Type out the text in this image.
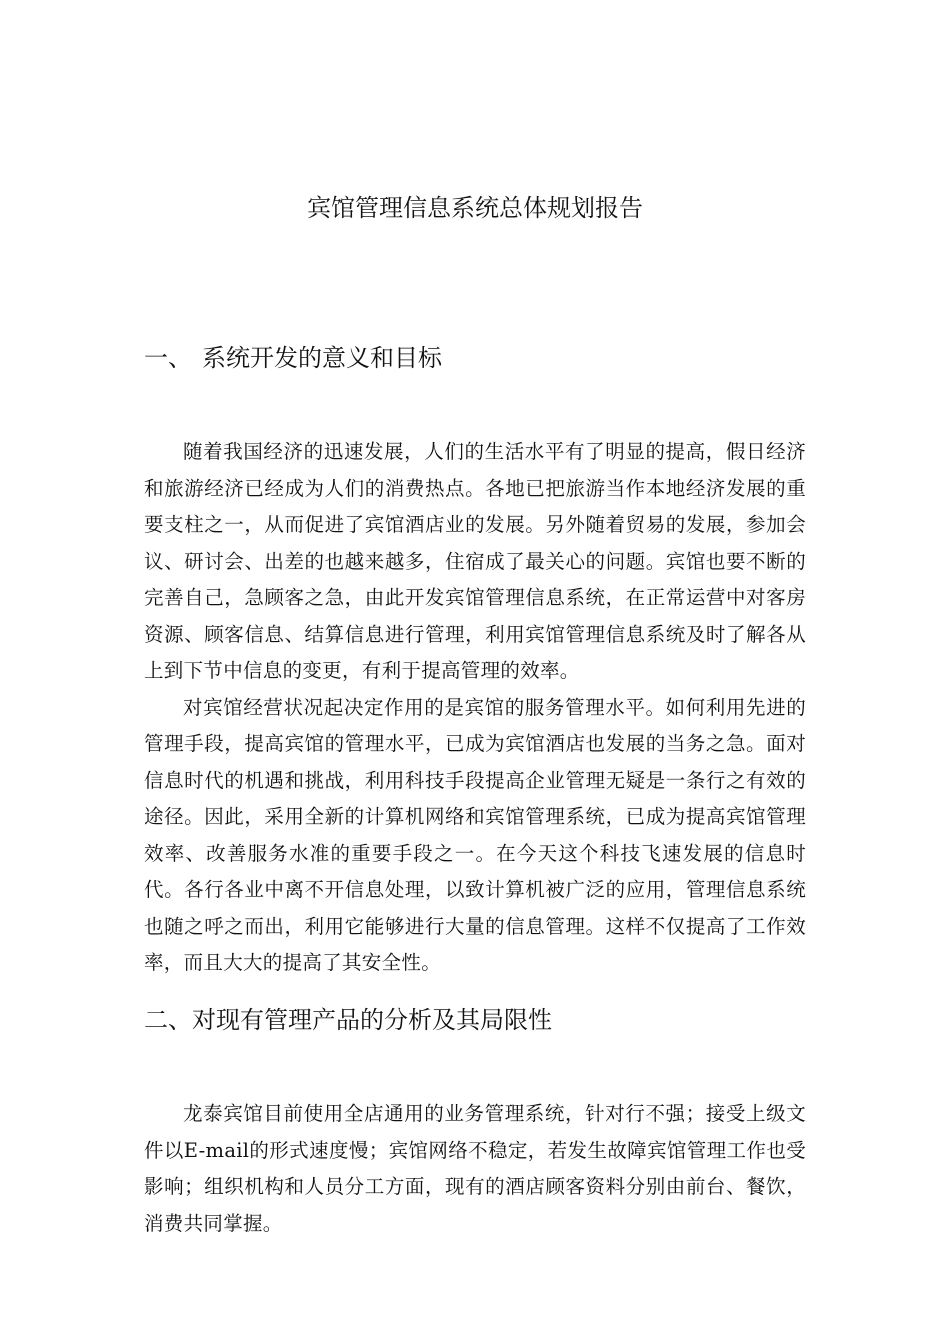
宾馆管理信息系统总体规划报告
一、 系统开发的意义和目标

随着我国经济的迅速发展，人们的生活水平有了明显的提高，假日经济和旅游经济已经成为人们的消费热点。各地已把旅游当作本地经济发展的重要支柱之一，从而促进了宾馆酒店业的发展。另外随着贸易的发展，参加会议、研讨会、出差的也越来越多，住宿成了最关心的问题。宾馆也要不断的完善自己，急顾客之急，由此开发宾馆管理信息系统，在正常运营中对客房资源、顾客信息、结算信息进行管理，利用宾馆管理信息系统及时了解各从上到下节中信息的变更，有利于提高管理的效率。

对宾馆经营状况起决定作用的是宾馆的服务管理水平。如何利用先进的管理手段，提高宾馆的管理水平，已成为宾馆酒店也发展的当务之急。面对信息时代的机遇和挑战，利用科技手段提高企业管理无疑是一条行之有效的途径。因此，采用全新的计算机网络和宾馆管理系统，已成为提高宾馆管理效率、改善服务水准的重要手段之一。在今天这个科技飞速发展的信息时代。各行各业中离不开信息处理，以致计算机被广泛的应用，管理信息系统也随之呼之而出，利用它能够进行大量的信息管理。这样不仅提高了工作效率，而且大大的提高了其安全性。

二、对现有管理产品的分析及其局限性

龙泰宾馆目前使用全店通用的业务管理系统，针对行不强；接受上级文件以E-mail的形式速度慢；宾馆网络不稳定，若发生故障宾馆管理工作也受影响；组织机构和人员分工方面，现有的酒店顾客资料分别由前台、餐饮，消费共同掌握。
